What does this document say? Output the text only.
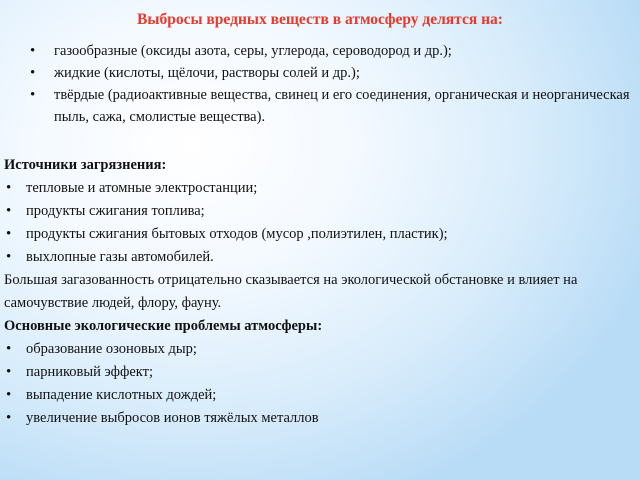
Выбросы вредных веществ в атмосферу делятся на:
• газообразные (оксиды азота, серы, углерода, сероводород и др.);
• жидкие (кислоты, щёлочи, растворы солей и др.);
• твёрдые (радиоактивные вещества, свинец и его соединения, органическая и неорганическая пыль, сажа, смолистые вещества).
Источники загрязнения:
• тепловые и атомные электростанции;
• продукты сжигания топлива;
• продукты сжигания бытовых отходов (мусор ,полиэтилен, пластик);
• выхлопные газы автомобилей.
Большая загазованность отрицательно сказывается на экологической обстановке и влияет на самочувствие людей, флору, фауну.
Основные экологические проблемы атмосферы:
• образование озоновых дыр;
• парниковый эффект;
• выпадение кислотных дождей;
• увеличение выбросов ионов тяжёлых металлов
